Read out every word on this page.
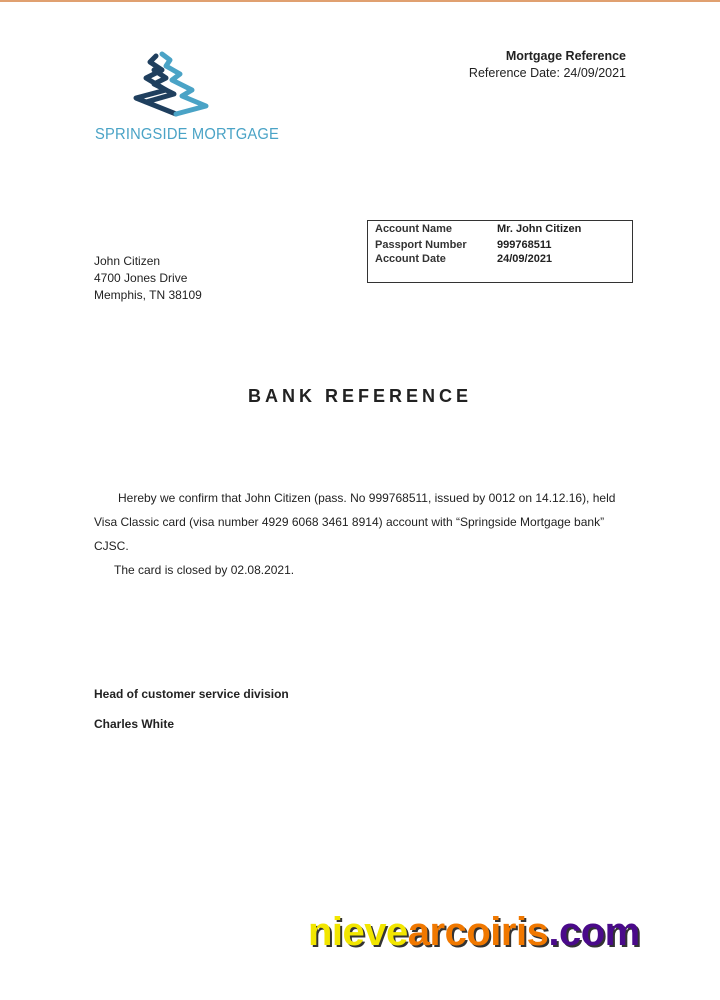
SPRINGSIDE MORTGAGE
Mortgage Reference
Reference Date: 24/09/2021
Account Name	Mr. John Citizen
Passport Number	999768511
Account Date	24/09/2021
John Citizen
4700 Jones Drive
Memphis, TN 38109
BANK REFERENCE

Hereby we confirm that John Citizen (pass. No 999768511, issued by 0012 on 14.12.16), held Visa Classic card (visa number 4929 6068 3461 8914) account with “Springside Mortgage bank” CJSC.

The card is closed by 02.08.2021.

Head of customer service division
Charles White
nievearcoiris.com
